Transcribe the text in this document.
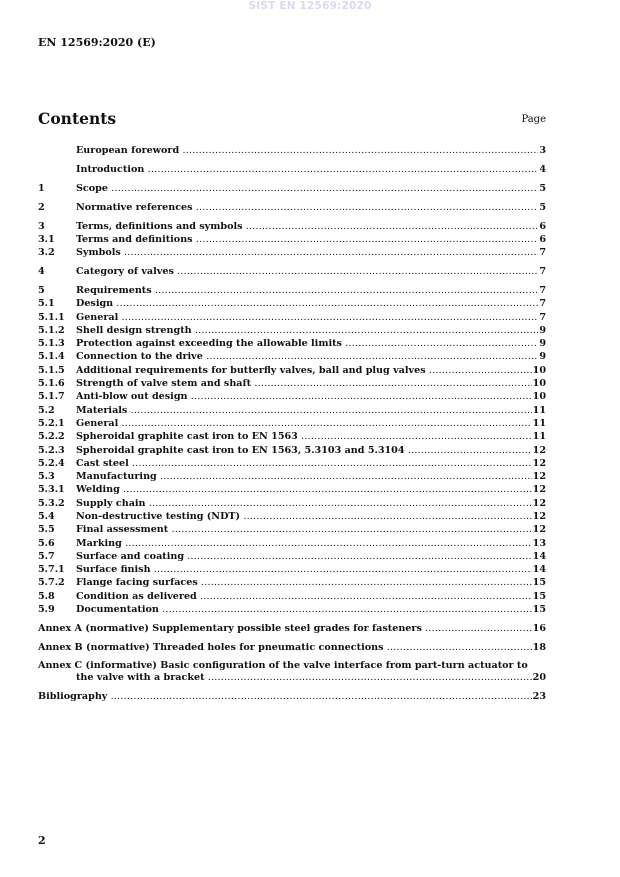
SIST EN 12569:2020
EN 12569:2020 (E)
Contents	Page
European foreword .....	3
Introduction .....	4
1	Scope .....	5
2	Normative references .....	5
3	Terms, definitions and symbols .....	6
3.1	Terms and definitions .....	6
3.2	Symbols .....	7
4	Category of valves .....	7
5	Requirements .....	7
5.1	Design .....	7
5.1.1	General .....	7
5.1.2	Shell design strength .....	9
5.1.3	Protection against exceeding the allowable limits .....	9
5.1.4	Connection to the drive .....	9
5.1.5	Additional requirements for butterfly valves, ball and plug valves .....	10
5.1.6	Strength of valve stem and shaft .....	10
5.1.7	Anti-blow out design .....	10
5.2	Materials .....	11
5.2.1	General .....	11
5.2.2	Spheroidal graphite cast iron to EN 1563 .....	11
5.2.3	Spheroidal graphite cast iron to EN 1563, 5.3103 and 5.3104 .....	12
5.2.4	Cast steel .....	12
5.3	Manufacturing .....	12
5.3.1	Welding .....	12
5.3.2	Supply chain .....	12
5.4	Non-destructive testing (NDT) .....	12
5.5	Final assessment .....	12
5.6	Marking .....	13
5.7	Surface and coating .....	14
5.7.1	Surface finish .....	14
5.7.2	Flange facing surfaces .....	15
5.8	Condition as delivered .....	15
5.9	Documentation .....	15
Annex A (normative) Supplementary possible steel grades for fasteners .....	16
Annex B (normative) Threaded holes for pneumatic connections .....	18
Annex C (informative) Basic configuration of the valve interface from part-turn actuator to
the valve with a bracket .....	20
Bibliography .....	23
2
